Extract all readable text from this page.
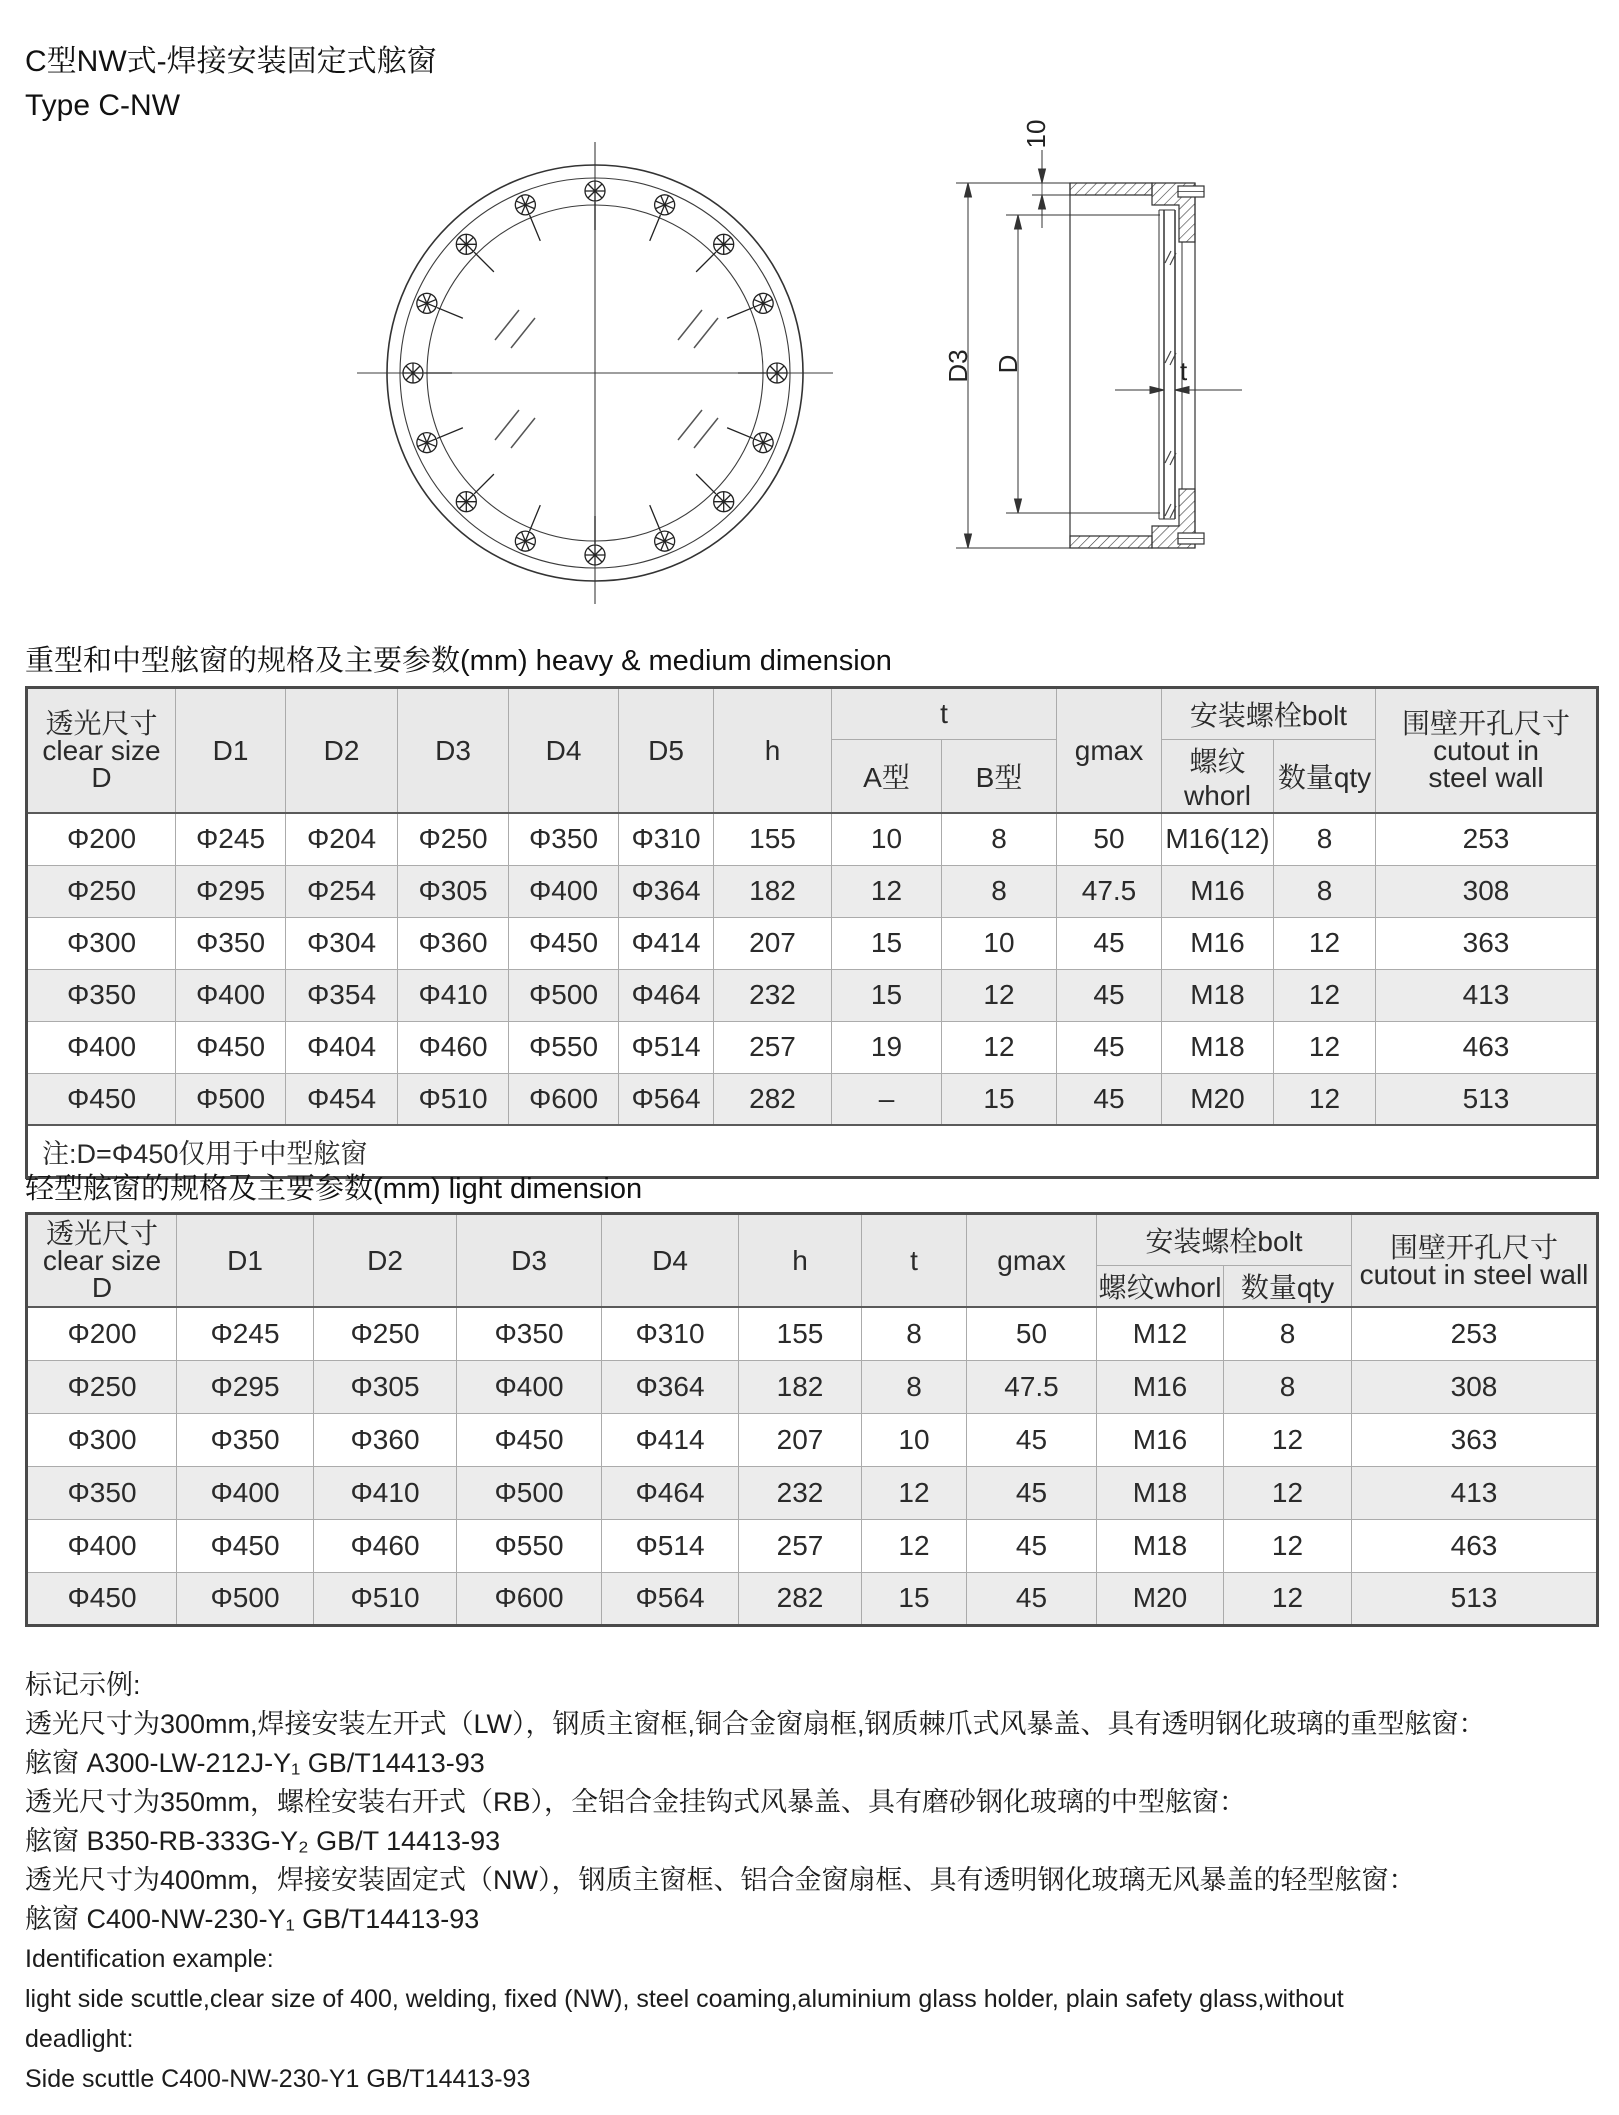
C型NW式-焊接安装固定式舷窗
Type C-NW
D3 D
10
t
重型和中型舷窗的规格及主要参数(mm) heavy & medium dimension
透光尺寸
clear size
D
	D1	D2	D3	D4	D5	h	t	gmax	安装螺栓bolt	围壁开孔尺寸
cutout in
steel wall

							A型	B型		螺纹whorl	数量qty	
Φ200	Φ245	Φ204	Φ250	Φ350	Φ310	155	10	8	50	M16(12)	8	253
Φ250	Φ295	Φ254	Φ305	Φ400	Φ364	182	12	8	47.5	M16	8	308
Φ300	Φ350	Φ304	Φ360	Φ450	Φ414	207	15	10	45	M16	12	363
Φ350	Φ400	Φ354	Φ410	Φ500	Φ464	232	15	12	45	M18	12	413
Φ400	Φ450	Φ404	Φ460	Φ550	Φ514	257	19	12	45	M18	12	463
Φ450	Φ500	Φ454	Φ510	Φ600	Φ564	282	–	15	45	M20	12	513
注:D=Φ450仅用于中型舷窗												
轻型舷窗的规格及主要参数(mm) light dimension
透光尺寸
clear size
D
	D1	D2	D3	D4	h	t	gmax	安装螺栓bolt	围壁开孔尺寸
cutout in steel wall

								螺纹whorl	数量qty	
Φ200	Φ245	Φ250	Φ350	Φ310	155	8	50	M12	8	253
Φ250	Φ295	Φ305	Φ400	Φ364	182	8	47.5	M16	8	308
Φ300	Φ350	Φ360	Φ450	Φ414	207	10	45	M16	12	363
Φ350	Φ400	Φ410	Φ500	Φ464	232	12	45	M18	12	413
Φ400	Φ450	Φ460	Φ550	Φ514	257	12	45	M18	12	463
Φ450	Φ500	Φ510	Φ600	Φ564	282	15	45	M20	12	513
标记示例:
透光尺寸为300mm,焊接安装左开式（LW），钢质主窗框,铜合金窗扇框,钢质棘爪式风暴盖、具有透明钢化玻璃的重型舷窗：
舷窗 A300-LW-212J-Y₁ GB/T14413-93
透光尺寸为350mm，螺栓安装右开式（RB），全铝合金挂钩式风暴盖、具有磨砂钢化玻璃的中型舷窗：
舷窗 B350-RB-333G-Y₂ GB/T 14413-93
透光尺寸为400mm，焊接安装固定式（NW），钢质主窗框、铝合金窗扇框、具有透明钢化玻璃无风暴盖的轻型舷窗：
舷窗 C400-NW-230-Y₁ GB/T14413-93
Identification example:
light side scuttle,clear size of 400, welding, fixed (NW), steel coaming,aluminium glass holder, plain safety glass,without
deadlight:
Side scuttle C400-NW-230-Y1 GB/T14413-93
